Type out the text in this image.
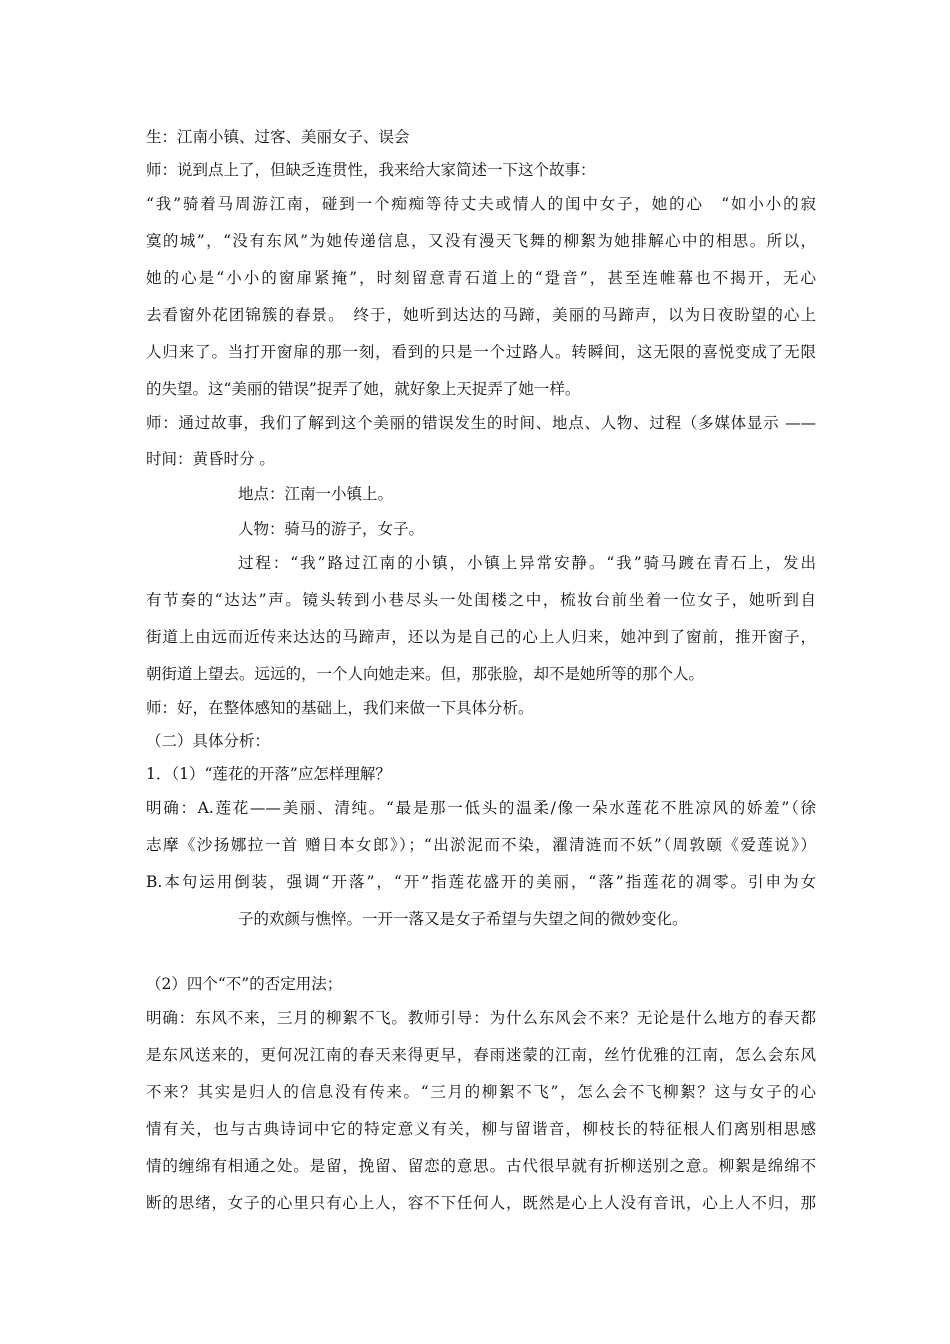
生：江南小镇、过客、美丽女子、误会
师：说到点上了，但缺乏连贯性，我来给大家简述一下这个故事：
“我”骑着马周游江南，碰到一个痴痴等待丈夫或情人的闺中女子，她的心　“如小小的寂
寞的城”，“没有东风”为她传递信息，又没有漫天飞舞的柳絮为她排解心中的相思。所以，
她的心是“小小的窗扉紧掩”，时刻留意青石道上的“跫音”，甚至连帷幕也不揭开，无心
去看窗外花团锦簇的春景。　终于，她听到达达的马蹄，美丽的马蹄声，以为日夜盼望的心上
人归来了。当打开窗扉的那一刻，看到的只是一个过路人。转瞬间，这无限的喜悦变成了无限
的失望。这“美丽的错误”捉弄了她，就好象上天捉弄了她一样。
师：通过故事，我们了解到这个美丽的错误发生的时间、地点、人物、过程（多媒体显示 ——
时间：黄昏时分 。
地点：江南一小镇上。
人物：骑马的游子，女子。
过程：“我”路过江南的小镇，小镇上异常安静。“我”骑马踱在青石上，发出
有节奏的“达达”声。镜头转到小巷尽头一处闺楼之中，梳妆台前坐着一位女子，她听到自
街道上由远而近传来达达的马蹄声，还以为是自己的心上人归来，她冲到了窗前，推开窗子，
朝街道上望去。远远的，一个人向她走来。但，那张脸，却不是她所等的那个人。
师：好，在整体感知的基础上，我们来做一下具体分析。
（二）具体分析：
1．（1）“莲花的开落”应怎样理解？
明确：A.莲花——美丽、清纯。“最是那一低头的温柔/像一朵水莲花不胜凉风的娇羞”（徐
志摩《沙扬娜拉一首 赠日本女郎》）；“出淤泥而不染，濯清涟而不妖”（周敦颐《爱莲说》）
B.本句运用倒装，强调“开落”，“开”指莲花盛开的美丽，“落”指莲花的凋零。引申为女
子的欢颜与憔悴。一开一落又是女子希望与失望之间的微妙变化。
（2）四个“不”的否定用法；
明确：东风不来，三月的柳絮不飞。教师引导：为什么东风会不来？无论是什么地方的春天都
是东风送来的，更何况江南的春天来得更早，春雨迷蒙的江南，丝竹优雅的江南，怎么会东风
不来？其实是归人的信息没有传来。“三月的柳絮不飞”，怎么会不飞柳絮？这与女子的心
情有关，也与古典诗词中它的特定意义有关，柳与留谐音，柳枝长的特征根人们离别相思感
情的缠绵有相通之处。是留，挽留、留恋的意思。古代很早就有折柳送别之意。柳絮是绵绵不
断的思绪，女子的心里只有心上人，容不下任何人，既然是心上人没有音讯，心上人不归，那
